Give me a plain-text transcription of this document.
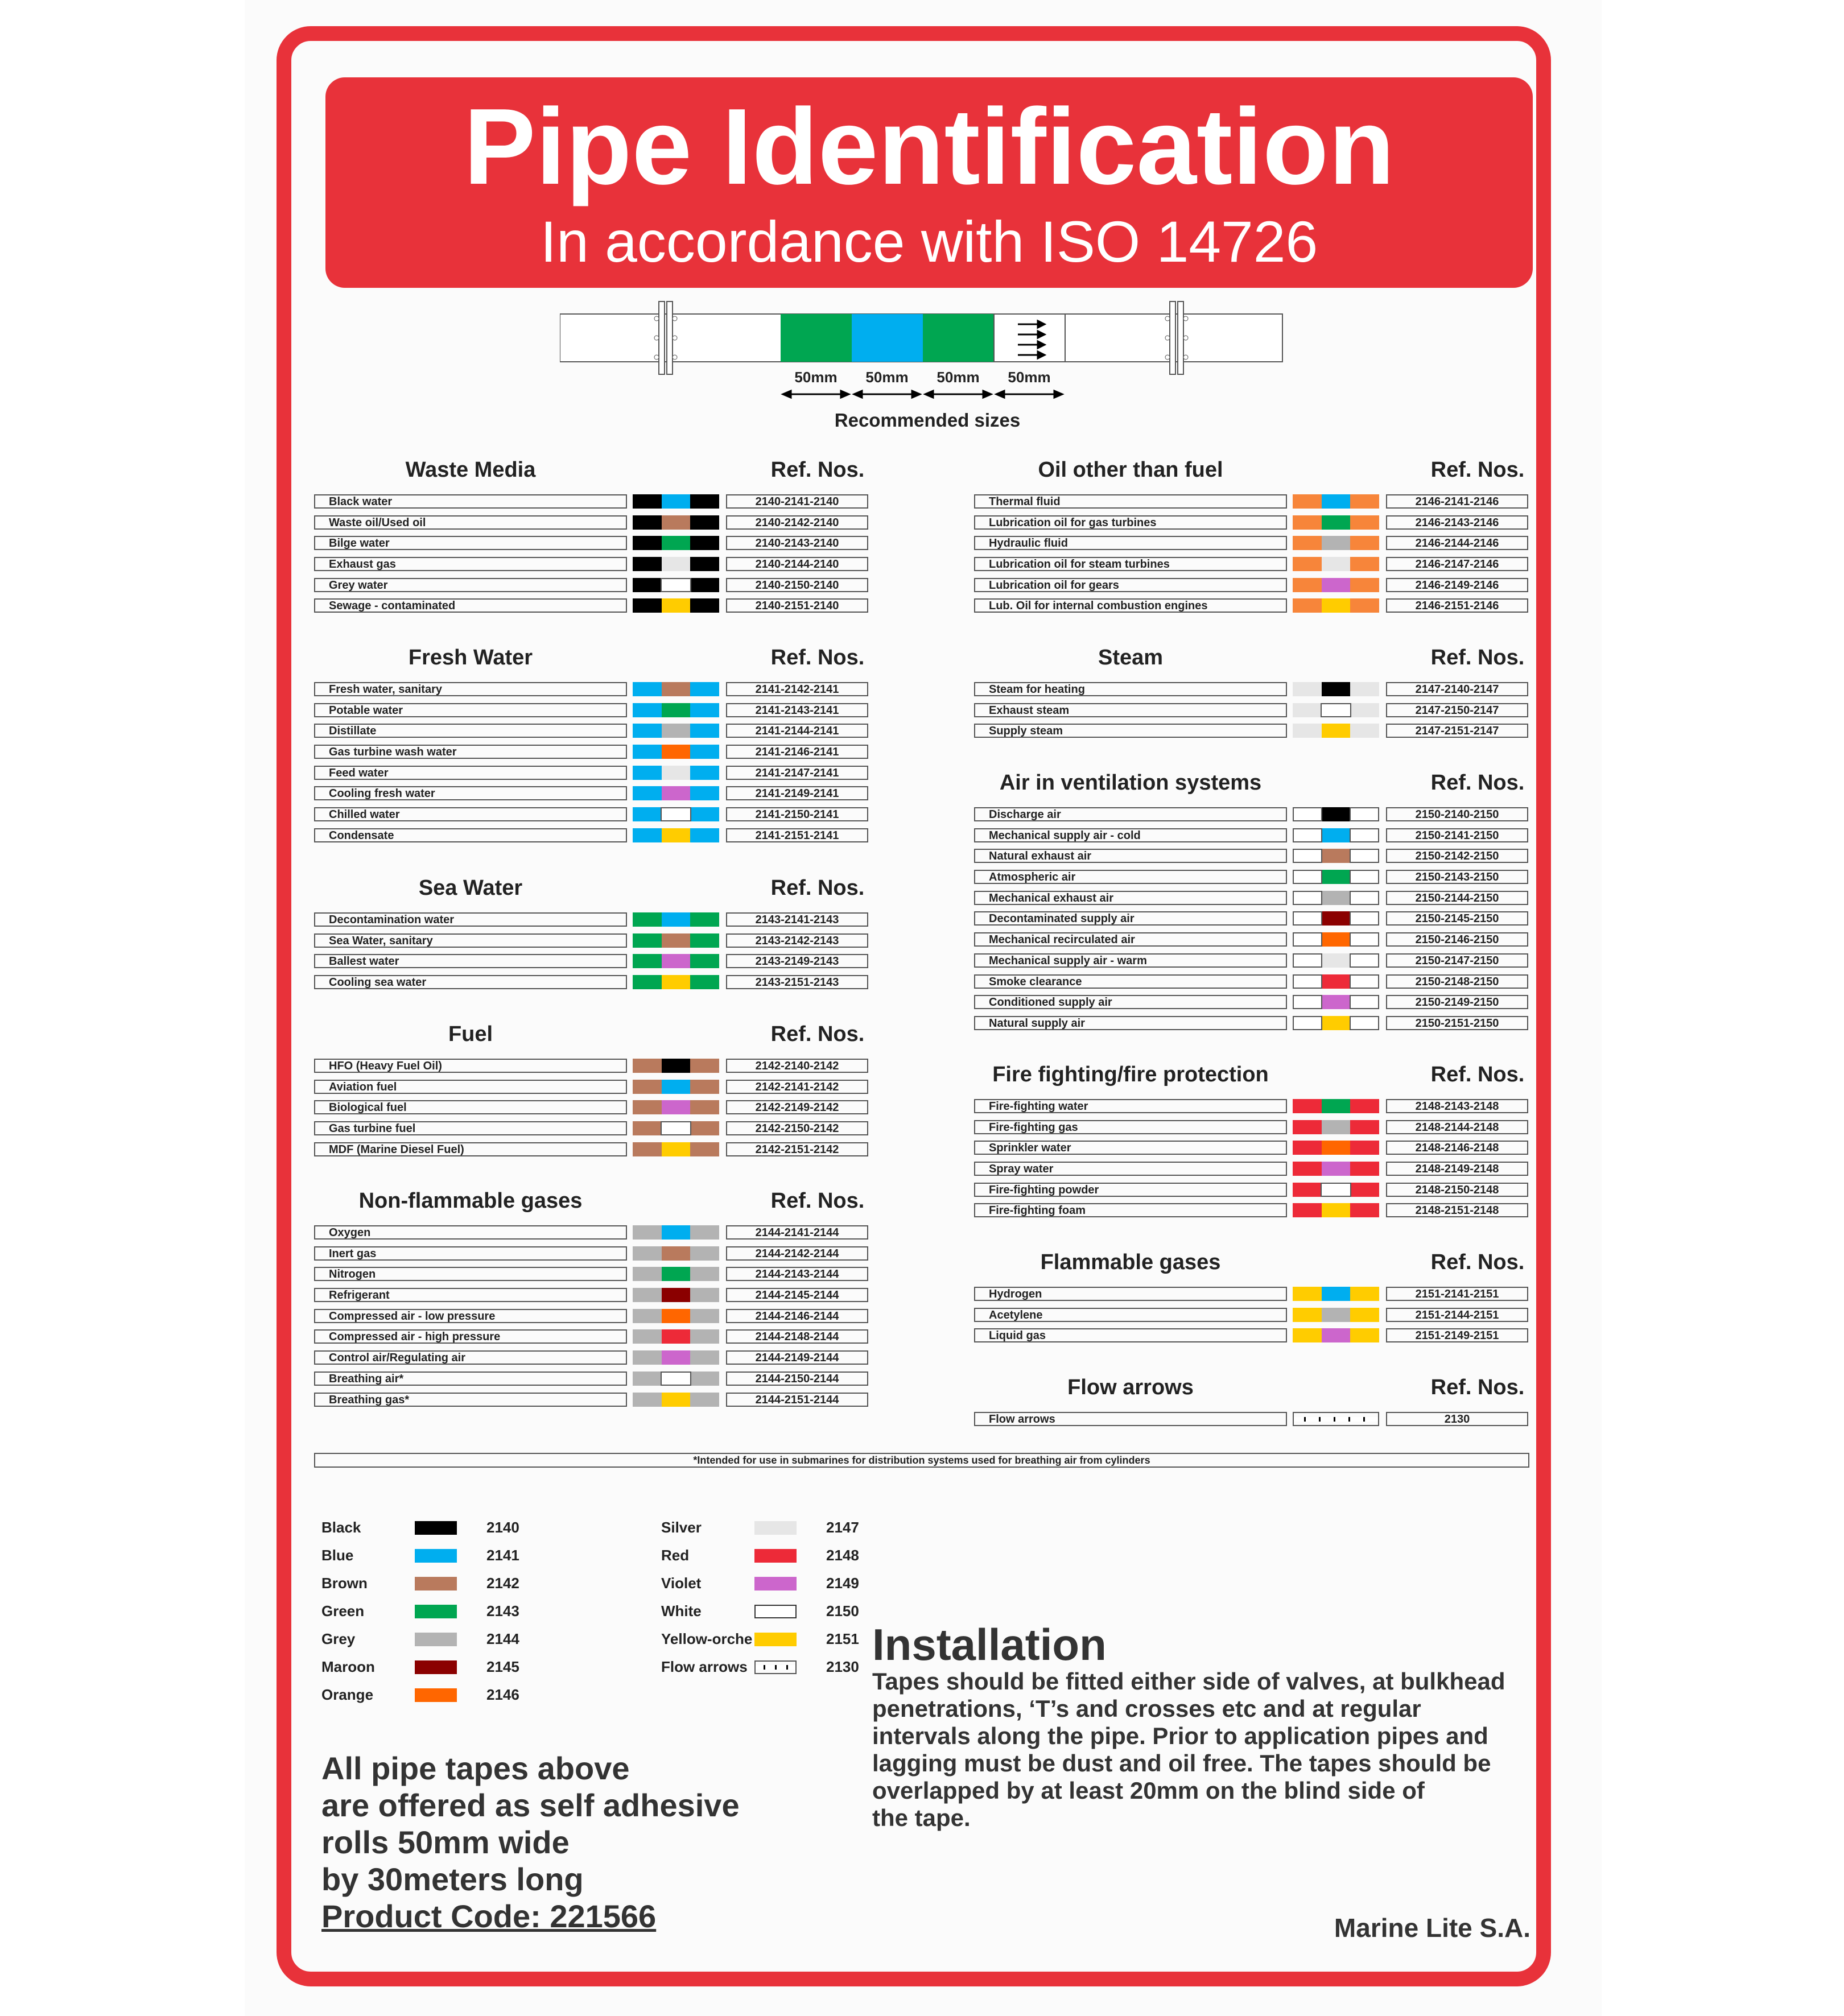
Pipe Identification
In accordance with ISO 14726
50mm	50mm	50mm	50mm
Recommended sizes
Waste Media	Ref. Nos.
Black water	2140-2141-2140
Waste oil/Used oil	2140-2142-2140
Bilge water	2140-2143-2140
Exhaust gas	2140-2144-2140
Grey water	2140-2150-2140
Sewage - contaminated	2140-2151-2140
Fresh Water	Ref. Nos.
Fresh water, sanitary	2141-2142-2141
Potable water	2141-2143-2141
Distillate	2141-2144-2141
Gas turbine wash water	2141-2146-2141
Feed water	2141-2147-2141
Cooling fresh water	2141-2149-2141
Chilled water	2141-2150-2141
Condensate	2141-2151-2141
Sea Water	Ref. Nos.
Decontamination water	2143-2141-2143
Sea Water, sanitary	2143-2142-2143
Ballest water	2143-2149-2143
Cooling sea water	2143-2151-2143
Fuel	Ref. Nos.
HFO (Heavy Fuel Oil)	2142-2140-2142
Aviation fuel	2142-2141-2142
Biological fuel	2142-2149-2142
Gas turbine fuel	2142-2150-2142
MDF (Marine Diesel Fuel)	2142-2151-2142
Non-flammable gases	Ref. Nos.
Oxygen	2144-2141-2144
Inert gas	2144-2142-2144
Nitrogen	2144-2143-2144
Refrigerant	2144-2145-2144
Compressed air - low pressure	2144-2146-2144
Compressed air - high pressure	2144-2148-2144
Control air/Regulating air	2144-2149-2144
Breathing air*	2144-2150-2144
Breathing gas*	2144-2151-2144
Oil other than fuel	Ref. Nos.
Thermal fluid	2146-2141-2146
Lubrication oil for gas turbines	2146-2143-2146
Hydraulic fluid	2146-2144-2146
Lubrication oil for steam turbines	2146-2147-2146
Lubrication oil for gears	2146-2149-2146
Lub. Oil for internal combustion engines	2146-2151-2146
Steam	Ref. Nos.
Steam for heating	2147-2140-2147
Exhaust steam	2147-2150-2147
Supply steam	2147-2151-2147
Air in ventilation systems	Ref. Nos.
Discharge air	2150-2140-2150
Mechanical supply air - cold	2150-2141-2150
Natural exhaust air	2150-2142-2150
Atmospheric air	2150-2143-2150
Mechanical exhaust air	2150-2144-2150
Decontaminated supply air	2150-2145-2150
Mechanical recirculated air	2150-2146-2150
Mechanical supply air - warm	2150-2147-2150
Smoke clearance	2150-2148-2150
Conditioned supply air	2150-2149-2150
Natural supply air	2150-2151-2150
Fire fighting/fire protection	Ref. Nos.
Fire-fighting water	2148-2143-2148
Fire-fighting gas	2148-2144-2148
Sprinkler water	2148-2146-2148
Spray water	2148-2149-2148
Fire-fighting powder	2148-2150-2148
Fire-fighting foam	2148-2151-2148
Flammable gases	Ref. Nos.
Hydrogen	2151-2141-2151
Acetylene	2151-2144-2151
Liquid gas	2151-2149-2151
Flow arrows	Ref. Nos.
Flow arrows	2130
*Intended for use in submarines for distribution systems used for breathing air from cylinders
Black	2140
Blue	2141
Brown	2142
Green	2143
Grey	2144
Maroon	2145
Orange	2146
Silver	2147
Red	2148
Violet	2149
White	2150
Yellow-orche	2151
Flow arrows	2130
All pipe tapes above
are offered as self adhesive
rolls 50mm wide
by 30meters long
Product Code: 221566
Installation
Tapes should be fitted either side of valves, at bulkhead
penetrations, ‘T’s and crosses etc and at regular
intervals along the pipe. Prior to application pipes and
lagging must be dust and oil free. The tapes should be
overlapped by at least 20mm on the blind side of
the tape.
Marine Lite S.A.
